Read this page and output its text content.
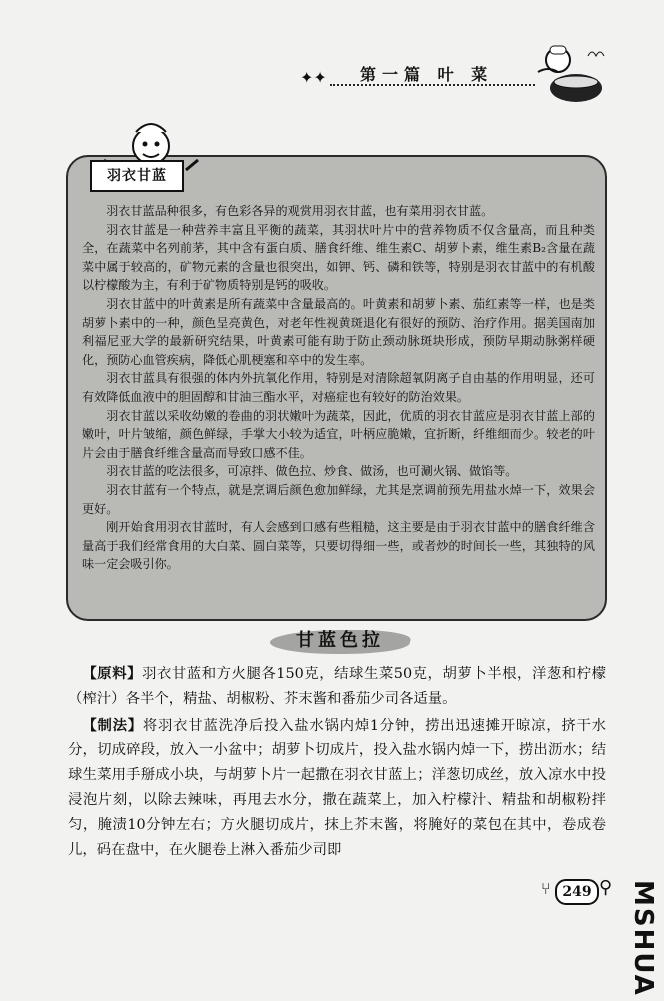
✦✦ 第一篇 叶 菜

羽衣甘蓝品种很多，有色彩各异的观赏用羽衣甘蓝，也有菜用羽衣甘蓝。

羽衣甘蓝是一种营养丰富且平衡的蔬菜，其羽状叶片中的营养物质不仅含量高，而且种类全，在蔬菜中名列前茅，其中含有蛋白质、膳食纤维、维生素C、胡萝卜素，维生素B₂含量在蔬菜中属于较高的，矿物元素的含量也很突出，如钾、钙、磷和铁等，特别是羽衣甘蓝中的有机酸以柠檬酸为主，有利于矿物质特别是钙的吸收。

羽衣甘蓝中的叶黄素是所有蔬菜中含量最高的。叶黄素和胡萝卜素、茄红素等一样，也是类胡萝卜素中的一种，颜色呈亮黄色，对老年性视黄斑退化有很好的预防、治疗作用。据美国南加利福尼亚大学的最新研究结果，叶黄素可能有助于防止颈动脉斑块形成，预防早期动脉粥样硬化，预防心血管疾病，降低心肌梗塞和卒中的发生率。

羽衣甘蓝具有很强的体内外抗氧化作用，特别是对清除超氧阴离子自由基的作用明显，还可有效降低血液中的胆固醇和甘油三酯水平，对癌症也有较好的防治效果。

羽衣甘蓝以采收幼嫩的卷曲的羽状嫩叶为蔬菜，因此，优质的羽衣甘蓝应是羽衣甘蓝上部的嫩叶，叶片皱缩，颜色鲜绿，手掌大小较为适宜，叶柄应脆嫩，宜折断，纤维细而少。较老的叶片会由于膳食纤维含量高而导致口感不佳。

羽衣甘蓝的吃法很多，可凉拌、做色拉、炒食、做汤，也可涮火锅、做馅等。

羽衣甘蓝有一个特点，就是烹调后颜色愈加鲜绿，尤其是烹调前预先用盐水焯一下，效果会更好。

刚开始食用羽衣甘蓝时，有人会感到口感有些粗糙，这主要是由于羽衣甘蓝中的膳食纤维含量高于我们经常食用的大白菜、圆白菜等，只要切得细一些，或者炒的时间长一些，其独特的风味一定会吸引你。

羽衣甘蓝
甘蓝色拉

【原料】羽衣甘蓝和方火腿各150克，结球生菜50克，胡萝卜半根，洋葱和柠檬（榨汁）各半个，精盐、胡椒粉、芥末酱和番茄少司各适量。

【制法】将羽衣甘蓝洗净后投入盐水锅内焯1分钟，捞出迅速摊开晾凉，挤干水分，切成碎段，放入一小盆中；胡萝卜切成片，投入盐水锅内焯一下，捞出沥水；结球生菜用手掰成小块，与胡萝卜片一起撒在羽衣甘蓝上；洋葱切成丝，放入凉水中投浸泡片刻，以除去辣味，再甩去水分，撒在蔬菜上，加入柠檬汁、精盐和胡椒粉拌匀，腌渍10分钟左右；方火腿切成片，抹上芥末酱，将腌好的菜包在其中，卷成卷儿，码在盘中，在火腿卷上淋入番茄少司即

⑂ 249 ⚲ MSHUA
